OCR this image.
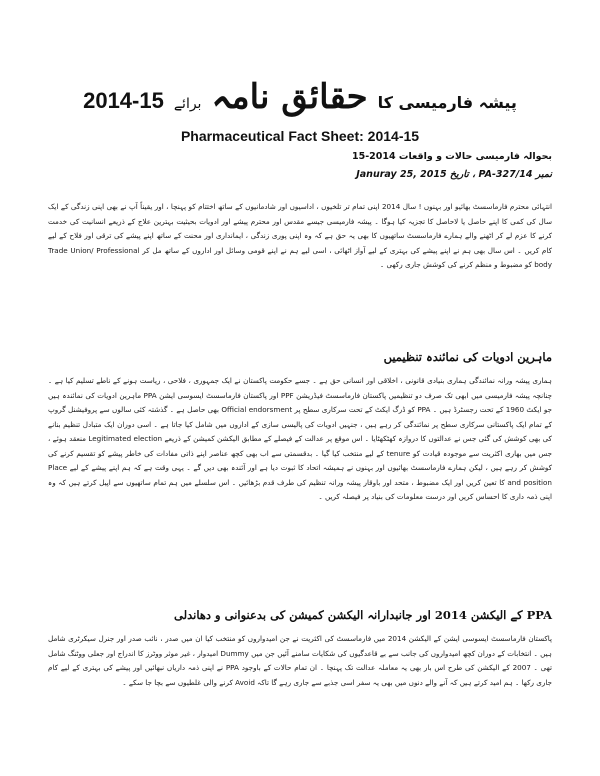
پیشہ فارمیسی کا
حقائق نامہ
برائے
2014-15
Pharmaceutical Fact Sheet: 2014-15
بحوالہ فارمیسی حالات و واقعات 2014-15
نمبر 327/14-PA ، تاریخ Januray 25, 2015
انتہائی محترم فارماسسٹ بھائیو اور بہنوں ! سال 2014 اپنی تمام تر تلخیوں ، اداسیوں اور شادمانیوں کے ساتھ اختتام کو پہنچا ، اور یقیناً آپ نے بھی اپنی زندگی کے ایک سال کی کمی کا اپنے حاصل یا لاحاصل کا تجزیہ کیا ہوگا ۔ پیشہ فارمیسی جیسے مقدس اور محترم پیشے اور ادویات بحیثیت بہترین علاج کے ذریعے انسانیت کی خدمت کرنے کا عزم لے کر اٹھنے والے ہمارے فارماسسٹ ساتھیوں کا بھی یہ حق ہے کہ وہ اپنی پوری زندگی ، ایمانداری اور محنت کے ساتھ اپنے پیشے کی ترقی اور فلاح کے لیے کام کریں ۔ اس سال بھی ہم نے اپنے پیشے کی بہتری کے لیے آواز اٹھائی ، اسی لیے ہم نے اپنے قومی وسائل اور اداروں کے ساتھ مل کر Trade Union/ Professional body کو مضبوط و منظم کرنے کی کوشش جاری رکھی ۔
ماہرین ادویات کی نمائندہ تنظیمیں
ہماری پیشہ ورانہ نمائندگی ہماری بنیادی قانونی ، اخلاقی اور انسانی حق ہے ۔ جسے حکومت پاکستان نے ایک جمہوری ، فلاحی ، ریاست ہونے کے ناطے تسلیم کیا ہے ۔ چنانچہ پیشہ فارمیسی میں ابھی تک صرف دو تنظیمیں پاکستان فارماسسٹ فیڈریشن PPF اور پاکستان فارماسسٹ ایسوسی ایشن PPA ماہرین ادویات کی نمائندہ ہیں جو ایکٹ 1960 کے تحت رجسٹرڈ ہیں ۔ PPA کو ڈرگ ایکٹ کے تحت سرکاری سطح پر Official endorsment بھی حاصل ہے ۔ گذشتہ کئی سالوں سے پروفیشنل گروپ کے تمام ایک پاکستانی سرکاری سطح پر نمائندگی کر رہے ہیں ، جنہیں ادویات کی پالیسی سازی کے اداروں میں شامل کیا جاتا ہے ۔ اسی دوران ایک متبادل تنظیم بنانے کی بھی کوشش کی گئی جس نے عدالتوں کا دروازہ کھٹکھٹایا ۔ اس موقع پر عدالت کے فیصلے کے مطابق الیکشن کمیشن کے ذریعے Legitimated election منعقد ہوئے ، جس میں بھاری اکثریت سے موجودہ قیادت کو tenure کے لیے منتخب کیا گیا ۔ بدقسمتی سے اب بھی کچھ عناصر اپنے ذاتی مفادات کی خاطر پیشے کو تقسیم کرنے کی کوشش کر رہے ہیں ، لیکن ہمارے فارماسسٹ بھائیوں اور بہنوں نے ہمیشہ اتحاد کا ثبوت دیا ہے اور آئندہ بھی دیں گے ۔ یہی وقت ہے کہ ہم اپنے پیشے کے لیے Place and position کا تعین کریں اور ایک مضبوط ، متحد اور باوقار پیشہ ورانہ تنظیم کی طرف قدم بڑھائیں ۔ اس سلسلے میں ہم تمام ساتھیوں سے اپیل کرتے ہیں کہ وہ اپنی ذمہ داری کا احساس کریں اور درست معلومات کی بنیاد پر فیصلہ کریں ۔
PPA کے الیکشن 2014 اور جانبدارانہ الیکشن کمیشن کی بدعنوانی و دھاندلی
پاکستان فارماسسٹ ایسوسی ایشن کے الیکشن 2014 میں فارماسسٹ کی اکثریت نے جن امیدواروں کو منتخب کیا ان میں صدر ، نائب صدر اور جنرل سیکرٹری شامل ہیں ۔ انتخابات کے دوران کچھ امیدواروں کی جانب سے بے قاعدگیوں کی شکایات سامنے آئیں جن میں Dummy امیدوار ، غیر موثر ووٹرز کا اندراج اور جعلی ووٹنگ شامل تھی ۔ 2007 کے الیکشن کی طرح اس بار بھی یہ معاملہ عدالت تک پہنچا ۔ ان تمام حالات کے باوجود PPA نے اپنی ذمہ داریاں نبھائیں اور پیشے کی بہتری کے لیے کام جاری رکھا ۔ ہم امید کرتے ہیں کہ آنے والے دنوں میں بھی یہ سفر اسی جذبے سے جاری رہے گا تاکہ Avoid کرنے والی غلطیوں سے بچا جا سکے ۔
